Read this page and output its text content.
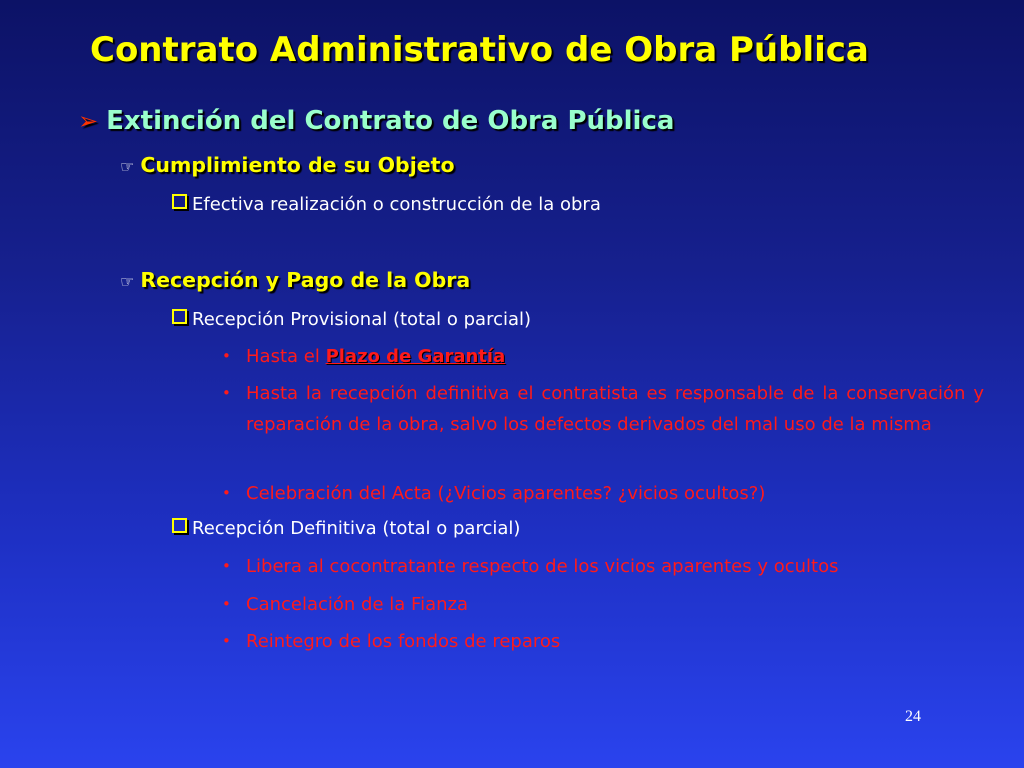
Contrato Administrativo de Obra Pública
➢ Extinción del Contrato de Obra Pública
☞ Cumplimiento de su Objeto
Efectiva realización o construcción de la obra
☞ Recepción y Pago de la Obra
Recepción Provisional (total o parcial)
• Hasta el Plazo de Garantía
• Hasta la recepción definitiva el contratista es responsable de la conservación y reparación de la obra, salvo los defectos derivados del mal uso de la misma
• Celebración del Acta (¿Vicios aparentes? ¿vicios ocultos?)
Recepción Definitiva (total o parcial)
• Libera al cocontratante respecto de los vicios aparentes y ocultos
• Cancelación de la Fianza
• Reintegro de los fondos de reparos
24
